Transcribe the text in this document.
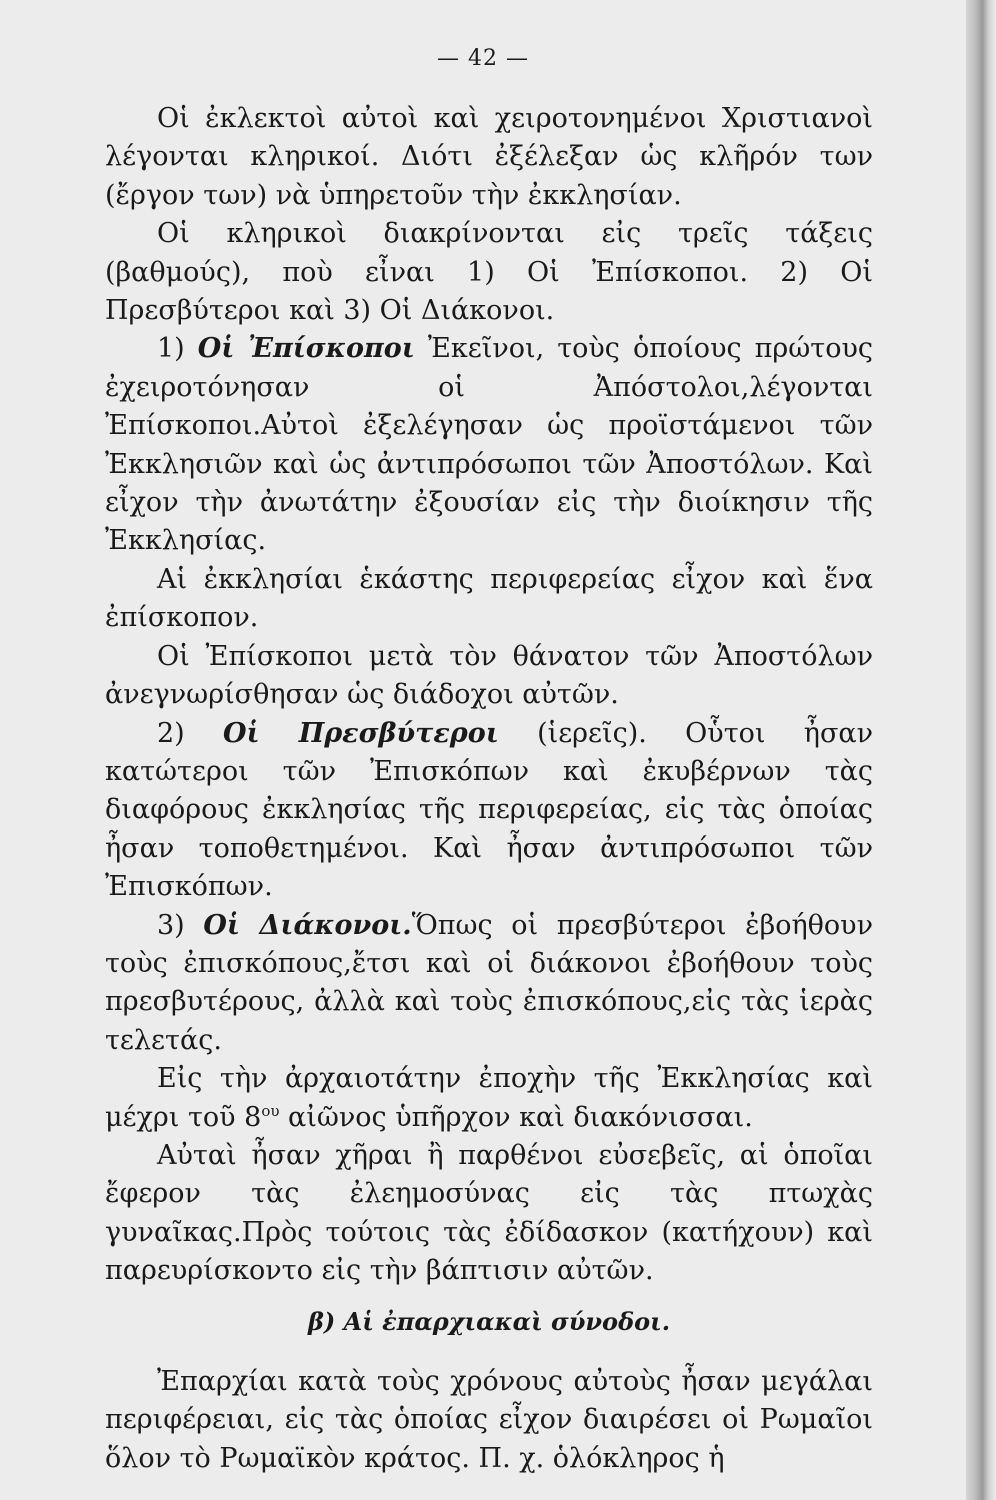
— 42 —

Οἱ ἐκλεκτοὶ αὐτοὶ καὶ χειροτονημένοι Χριστιανοὶ λέγονται κληρικοί. Διότι ἐξέλεξαν ὡς κλῆρόν των (ἔργον των) νὰ ὑπηρετοῦν τὴν ἐκκλησίαν.

Οἱ κληρικοὶ διακρίνονται εἰς τρεῖς τάξεις (βαθμούς), ποὺ εἶναι 1) Οἱ Ἐπίσκοποι. 2) Οἱ Πρεσβύτεροι καὶ 3) Οἱ Διάκονοι.

1) Οἱ Ἐπίσκοποι Ἐκεῖνοι, τοὺς ὁποίους πρώτους ἐχειροτόνησαν οἱ Ἀπόστολοι,λέγονται Ἐπίσκοποι.Αὐτοὶ ἐξελέγησαν ὡς προϊστάμενοι τῶν Ἐκκλησιῶν καὶ ὡς ἀντιπρόσωποι τῶν Ἀποστόλων. Καὶ εἶχον τὴν ἀνωτάτην ἐξουσίαν εἰς τὴν διοίκησιν τῆς Ἐκκλησίας.

Αἱ ἐκκλησίαι ἑκάστης περιφερείας εἶχον καὶ ἕνα ἐπίσκοπον.

Οἱ Ἐπίσκοποι μετὰ τὸν θάνατον τῶν Ἀποστόλων ἀνεγνωρίσθησαν ὡς διάδοχοι αὐτῶν.

2) Οἱ Πρεσβύτεροι (ἱερεῖς). Οὗτοι ἦσαν κατώτεροι τῶν Ἐπισκόπων καὶ ἐκυβέρνων τὰς διαφόρους ἐκκλησίας τῆς περιφερείας, εἰς τὰς ὁποίας ἦσαν τοποθετημένοι. Καὶ ἦσαν ἀντιπρόσωποι τῶν Ἐπισκόπων.

3) Οἱ Διάκονοι.Ὅπως οἱ πρεσβύτεροι ἐβοήθουν τοὺς ἐπισκόπους,ἔτσι καὶ οἱ διάκονοι ἐβοήθουν τοὺς πρεσβυτέρους, ἀλλὰ καὶ τοὺς ἐπισκόπους,εἰς τὰς ἱερὰς τελετάς.

Εἰς τὴν ἀρχαιοτάτην ἐποχὴν τῆς Ἐκκλησίας καὶ μέχρι τοῦ $8^{o\upsilon}$ αἰῶνος ὑπῆρχον καὶ διακόνισσαι.

Αὐταὶ ἦσαν χῆραι ἢ παρθένοι εὐσεβεῖς, αἱ ὁποῖαι ἔφερον τὰς ἐλεημοσύνας εἰς τὰς πτωχὰς γυναῖκας.Πρὸς τούτοις τὰς ἐδίδασκον (κατήχουν) καὶ παρευρίσκοντο εἰς τὴν βάπτισιν αὐτῶν.

β) Αἱ ἐπαρχιακαὶ σύνοδοι.

Ἐπαρχίαι κατὰ τοὺς χρόνους αὐτοὺς ἦσαν μεγάλαι περιφέρειαι, εἰς τὰς ὁποίας εἶχον διαιρέσει οἱ Ρωμαῖοι ὅλον τὸ Ρωμαϊκὸν κράτος. Π. χ. ὁλόκληρος ἡ
